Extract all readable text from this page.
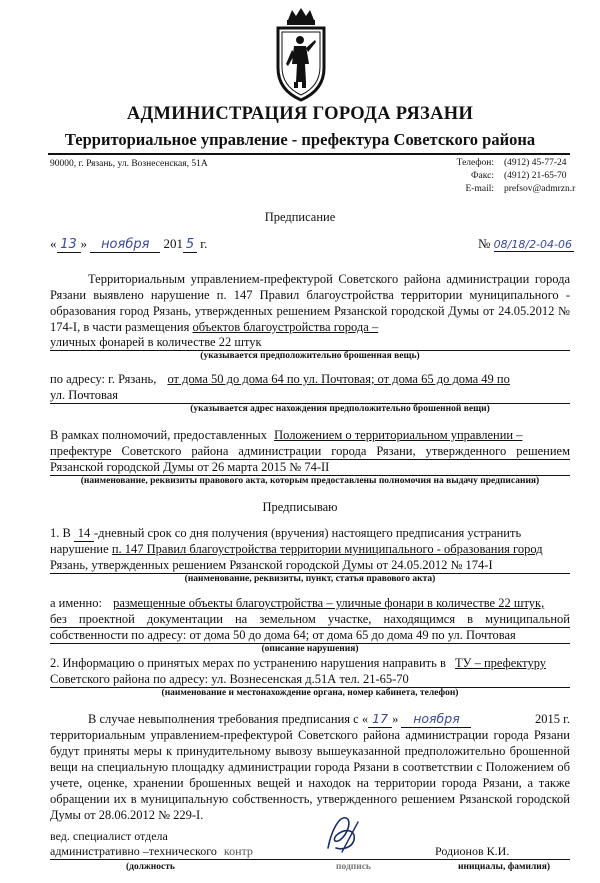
АДМИНИСТРАЦИЯ ГОРОДА РЯЗАНИ
Территориальное управление - префектура Советского района
90000, г. Рязань, ул. Вознесенская, 51А	Телефон:	(4912) 45-77-24
Факс:	(4912) 21-65-70
E-mail:	prefsov@admrzn.r
Предписание
« 13 » ноября 201 5 г.	№ 08/18/2-04-06
Территориальным управлением-префектурой Советского района администрации города Рязани выявлено нарушение п. 147 Правил благоустройства территории муниципального - образования город Рязань, утвержденных решением Рязанской городской Думы от 24.05.2012 № 174-I, в части размещения объектов благоустройства города –
уличных фонарей в количестве 22 штук
(указывается предположительно брошенная вещь)
по адресу: г. Рязань, от дома 50 до дома 64 по ул. Почтовая; от дома 65 до дома 49 по
ул. Почтовая
(указывается адрес нахождения предположительно брошенной вещи)
В рамках полномочий, предоставленных Положением о территориальном управлении –
префектуре Советского района администрации города Рязани, утвержденного решением
Рязанской городской Думы от 26 марта 2015 № 74-II
(наименование, реквизиты правового акта, которым предоставлены полномочия на выдачу предписания)
Предписываю
1. В 14 -дневный срок со дня получения (вручения) настоящего предписания устранить
нарушение п. 147 Правил благоустройства территории муниципального - образования город
Рязань, утвержденных решением Рязанской городской Думы от 24.05.2012 № 174-I
(наименование, реквизиты, пункт, статья правового акта)
а именно: размещенные объекты благоустройства – уличные фонари в количестве 22 штук,
без проектной документации на земельном участке, находящимся в муниципальной
собственности по адресу: от дома 50 до дома 64; от дома 65 до дома 49 по ул. Почтовая
(описание нарушения)
2. Информацию о принятых мерах по устранению нарушения направить в ТУ – префектуру
Советского района по адресу: ул. Вознесенская д.51А тел. 21-65-70
(наименование и местонахождение органа, номер кабинета, телефон)
В случае невыполнения требования предписания с « 17 » ноября	2015 г.
территориальным управлением-префектурой Советского района администрации города Рязани будут приняты меры к принудительному вывозу вышеуказанной предположительно брошенной вещи на специальную площадку администрации города Рязани в соответствии с Положением об учете, оценке, хранении брошенных вещей и находок на территории города Рязани, а также обращении их в муниципальную собственность, утвержденного решением Рязанской городской Думы от 28.06.2012 № 229-I.
вед. специалист отдела
административно –технического контр	Родионов К.И.
(должность	подпись	инициалы, фамилия)
